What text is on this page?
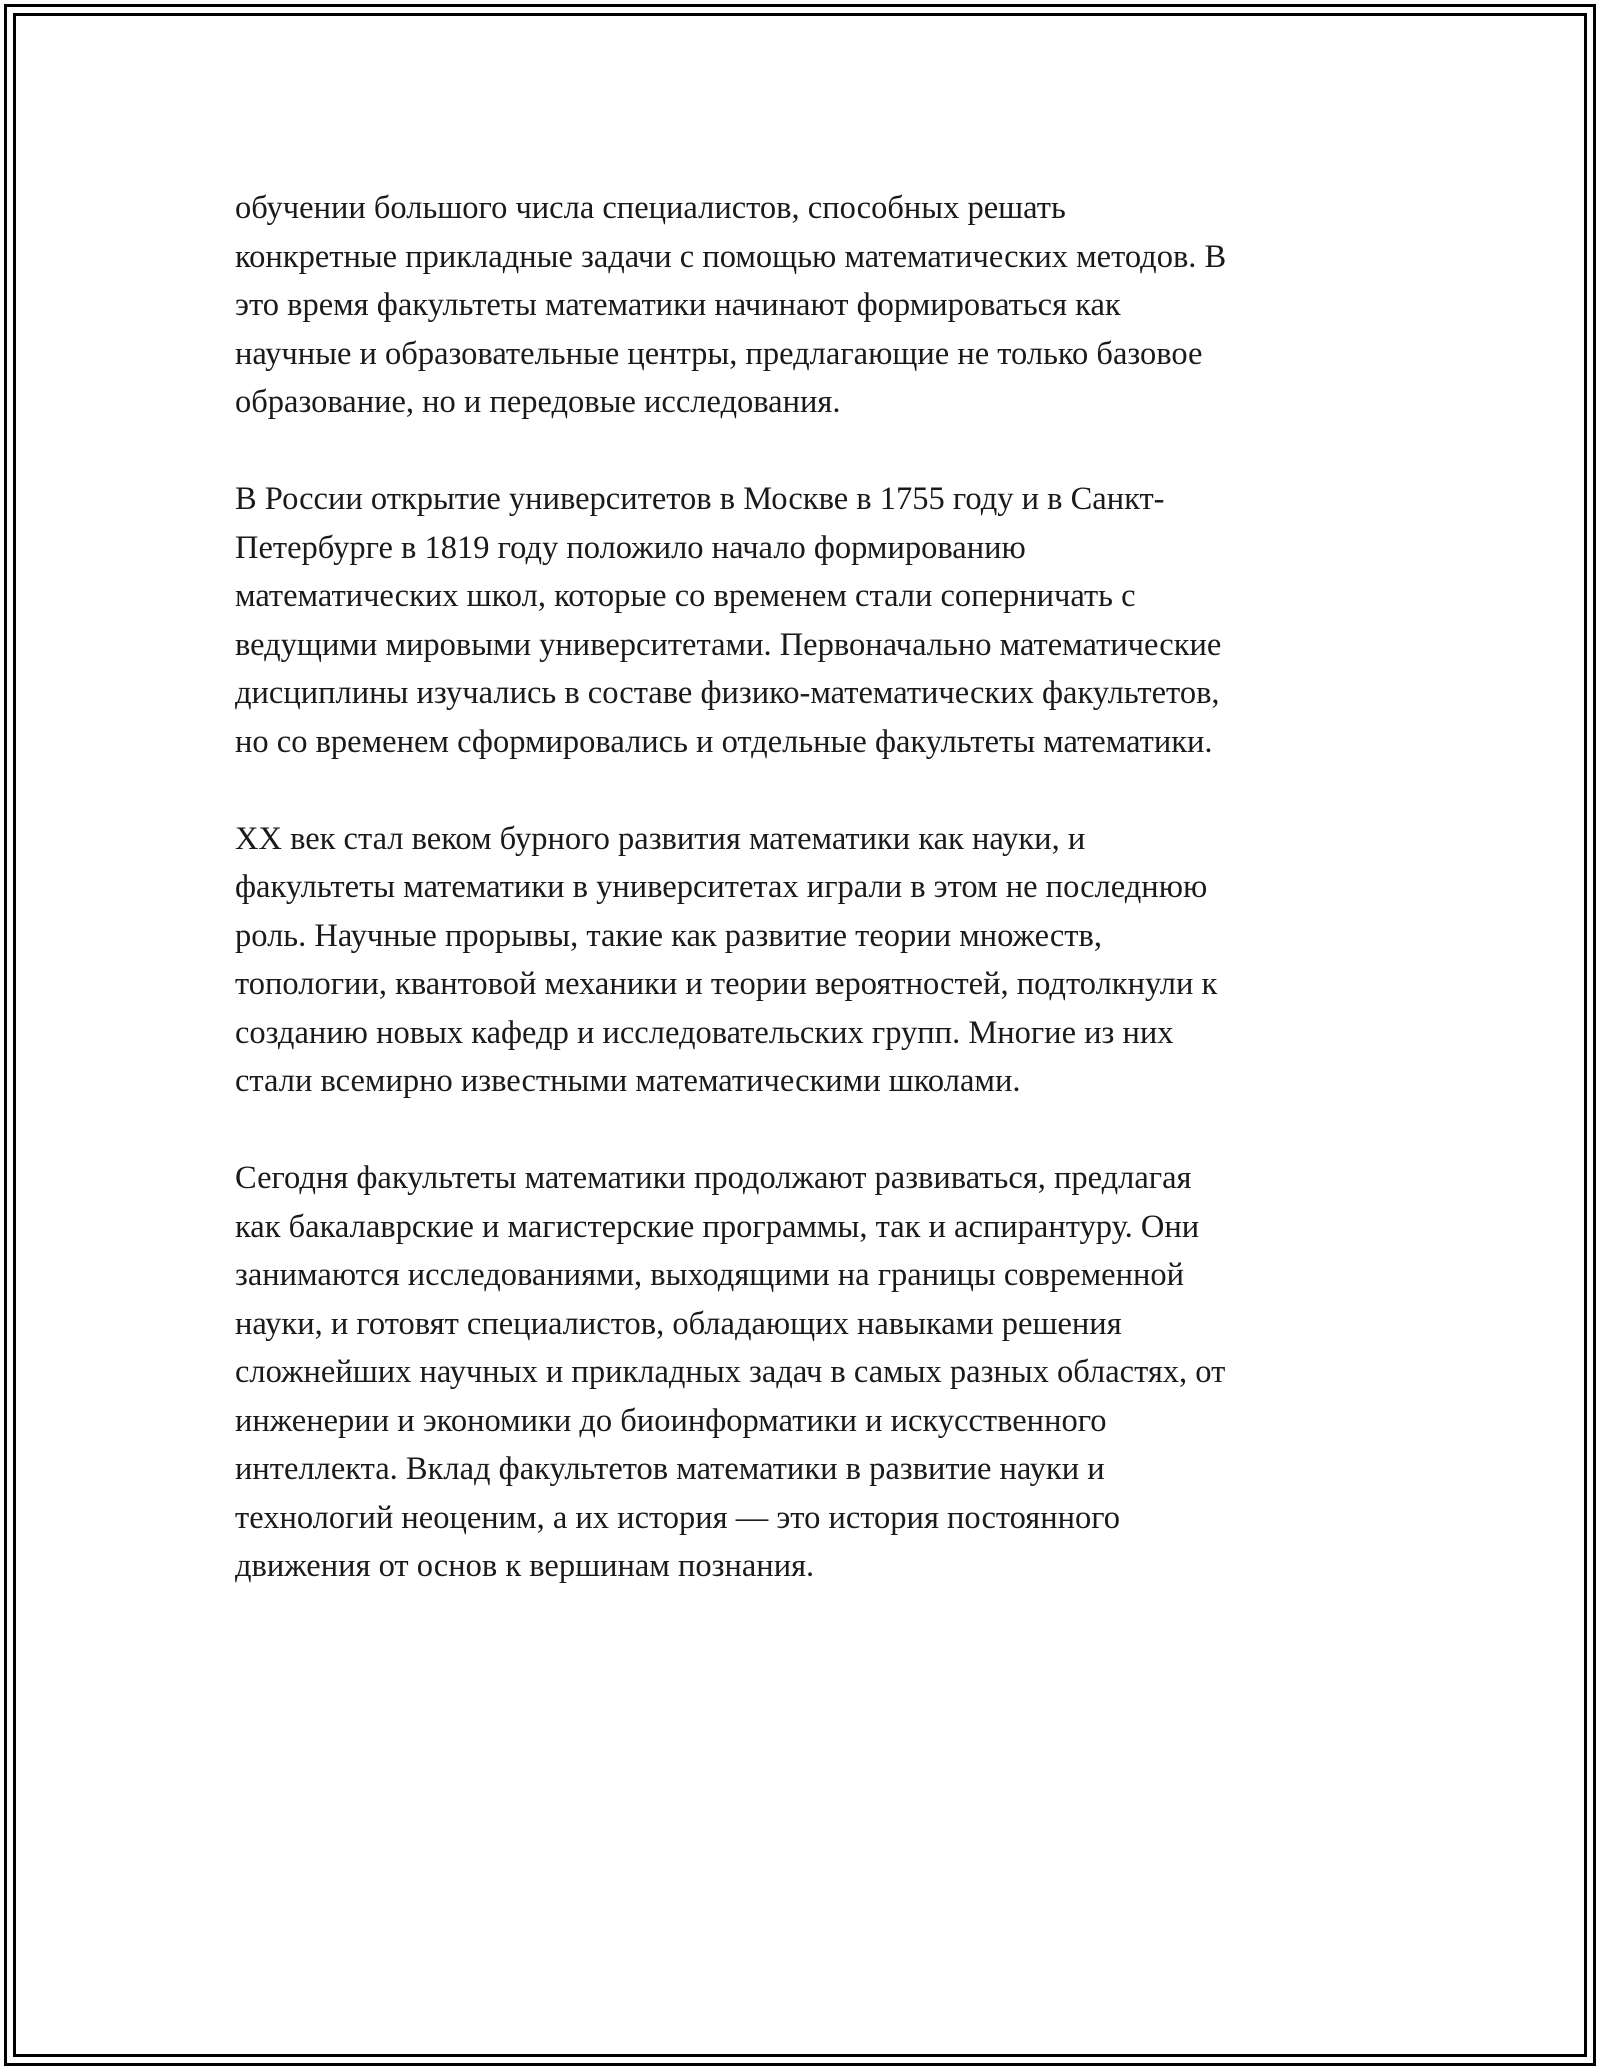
обучении большого числа специалистов, способных решать
конкретные прикладные задачи с помощью математических методов. В
это время факультеты математики начинают формироваться как
научные и образовательные центры, предлагающие не только базовое
образование, но и передовые исследования.

В России открытие университетов в Москве в 1755 году и в Санкт-
Петербурге в 1819 году положило начало формированию
математических школ, которые со временем стали соперничать с
ведущими мировыми университетами. Первоначально математические
дисциплины изучались в составе физико-математических факультетов,
но со временем сформировались и отдельные факультеты математики.

XX век стал веком бурного развития математики как науки, и
факультеты математики в университетах играли в этом не последнюю
роль. Научные прорывы, такие как развитие теории множеств,
топологии, квантовой механики и теории вероятностей, подтолкнули к
созданию новых кафедр и исследовательских групп. Многие из них
стали всемирно известными математическими школами.

Сегодня факультеты математики продолжают развиваться, предлагая
как бакалаврские и магистерские программы, так и аспирантуру. Они
занимаются исследованиями, выходящими на границы современной
науки, и готовят специалистов, обладающих навыками решения
сложнейших научных и прикладных задач в самых разных областях, от
инженерии и экономики до биоинформатики и искусственного
интеллекта. Вклад факультетов математики в развитие науки и
технологий неоценим, а их история — это история постоянного
движения от основ к вершинам познания.
